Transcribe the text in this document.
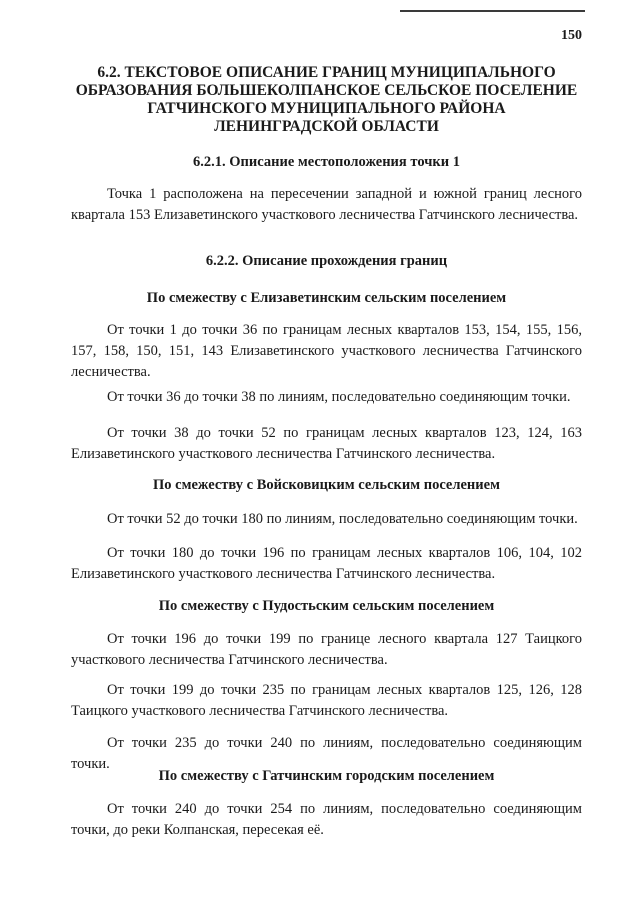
150
6.2. ТЕКСТОВОЕ ОПИСАНИЕ ГРАНИЦ МУНИЦИПАЛЬНОГО
ОБРАЗОВАНИЯ БОЛЬШЕКОЛПАНСКОЕ СЕЛЬСКОЕ ПОСЕЛЕНИЕ
ГАТЧИНСКОГО МУНИЦИПАЛЬНОГО РАЙОНА
ЛЕНИНГРАДСКОЙ ОБЛАСТИ
6.2.1. Описание местоположения точки 1

Точка 1 расположена на пересечении западной и южной границ лесного квартала 153 Елизаветинского участкового лесничества Гатчинского лесничества.

6.2.2. Описание прохождения границ
По смежеству с Елизаветинским сельским поселением

От точки 1 до точки 36 по границам лесных кварталов 153, 154, 155, 156, 157, 158, 150, 151, 143 Елизаветинского участкового лесничества Гатчинского лесничества.

От точки 36 до точки 38 по линиям, последовательно соединяющим точки.

От точки 38 до точки 52 по границам лесных кварталов 123, 124, 163 Елизаветинского участкового лесничества Гатчинского лесничества.

По смежеству с Войсковицким сельским поселением

От точки 52 до точки 180 по линиям, последовательно соединяющим точки.

От точки 180 до точки 196 по границам лесных кварталов 106, 104, 102 Елизаветинского участкового лесничества Гатчинского лесничества.

По смежеству с Пудостьским сельским поселением

От точки 196 до точки 199 по границе лесного квартала 127 Таицкого участкового лесничества Гатчинского лесничества.

От точки 199 до точки 235 по границам лесных кварталов 125, 126, 128 Таицкого участкового лесничества Гатчинского лесничества.

От точки 235 до точки 240 по линиям, последовательно соединяющим точки.

По смежеству с Гатчинским городским поселением

От точки 240 до точки 254 по линиям, последовательно соединяющим точки, до реки Колпанская, пересекая её.
